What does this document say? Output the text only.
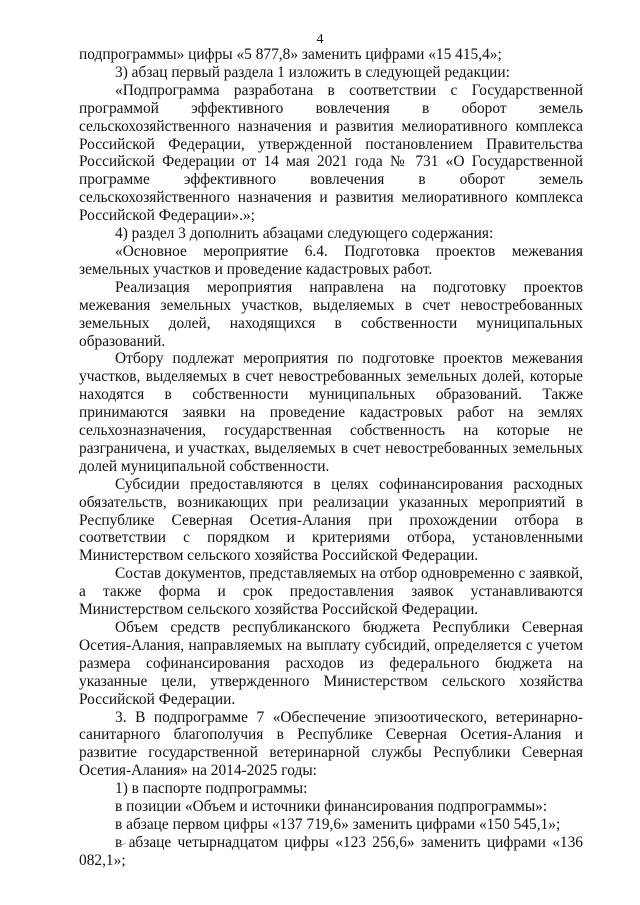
4

подпрограммы» цифры «5 877,8» заменить цифрами «15 415,4»;

3) абзац первый раздела 1 изложить в следующей редакции:

«Подпрограмма разработана в соответствии с Государственной программой эффективного вовлечения в оборот земель сельскохозяйственного назначения и развития мелиоративного комплекса Российской Федерации, утвержденной постановлением Правительства Российской Федерации от 14 мая 2021 года № 731 «О Государственной программе эффективного вовлечения в оборот земель сельскохозяйственного назначения и развития мелиоративного комплекса Российской Федерации».»;

4) раздел 3 дополнить абзацами следующего содержания:

«Основное мероприятие 6.4. Подготовка проектов межевания земельных участков и проведение кадастровых работ.

Реализация мероприятия направлена на подготовку проектов межевания земельных участков, выделяемых в счет невостребованных земельных долей, находящихся в собственности муниципальных образований.

Отбору подлежат мероприятия по подготовке проектов межевания участков, выделяемых в счет невостребованных земельных долей, которые находятся в собственности муниципальных образований. Также принимаются заявки на проведение кадастровых работ на землях сельхозназначения, государственная собственность на которые не разграничена, и участках, выделяемых в счет невостребованных земельных долей муниципальной собственности.

Субсидии предоставляются в целях софинансирования расходных обязательств, возникающих при реализации указанных мероприятий в Республике Северная Осетия-Алания при прохождении отбора в соответствии с порядком и критериями отбора, установленными Министерством сельского хозяйства Российской Федерации.

Состав документов, представляемых на отбор одновременно с заявкой, а также форма и срок предоставления заявок устанавливаются Министерством сельского хозяйства Российской Федерации.

Объем средств республиканского бюджета Республики Северная Осетия-Алания, направляемых на выплату субсидий, определяется с учетом размера софинансирования расходов из федерального бюджета на указанные цели, утвержденного Министерством сельского хозяйства Российской Федерации.

3. В подпрограмме 7 «Обеспечение эпизоотического, ветеринарно-санитарного благополучия в Республике Северная Осетия-Алания и развитие государственной ветеринарной службы Республики Северная Осетия-Алания» на 2014-2025 годы:

1) в паспорте подпрограммы:

в позиции «Объем и источники финансирования подпрограммы»:

в абзаце первом цифры «137 719,6» заменить цифрами «150 545,1»;

в абзаце четырнадцатом цифры «123 256,6» заменить цифрами «136 082,1»;
